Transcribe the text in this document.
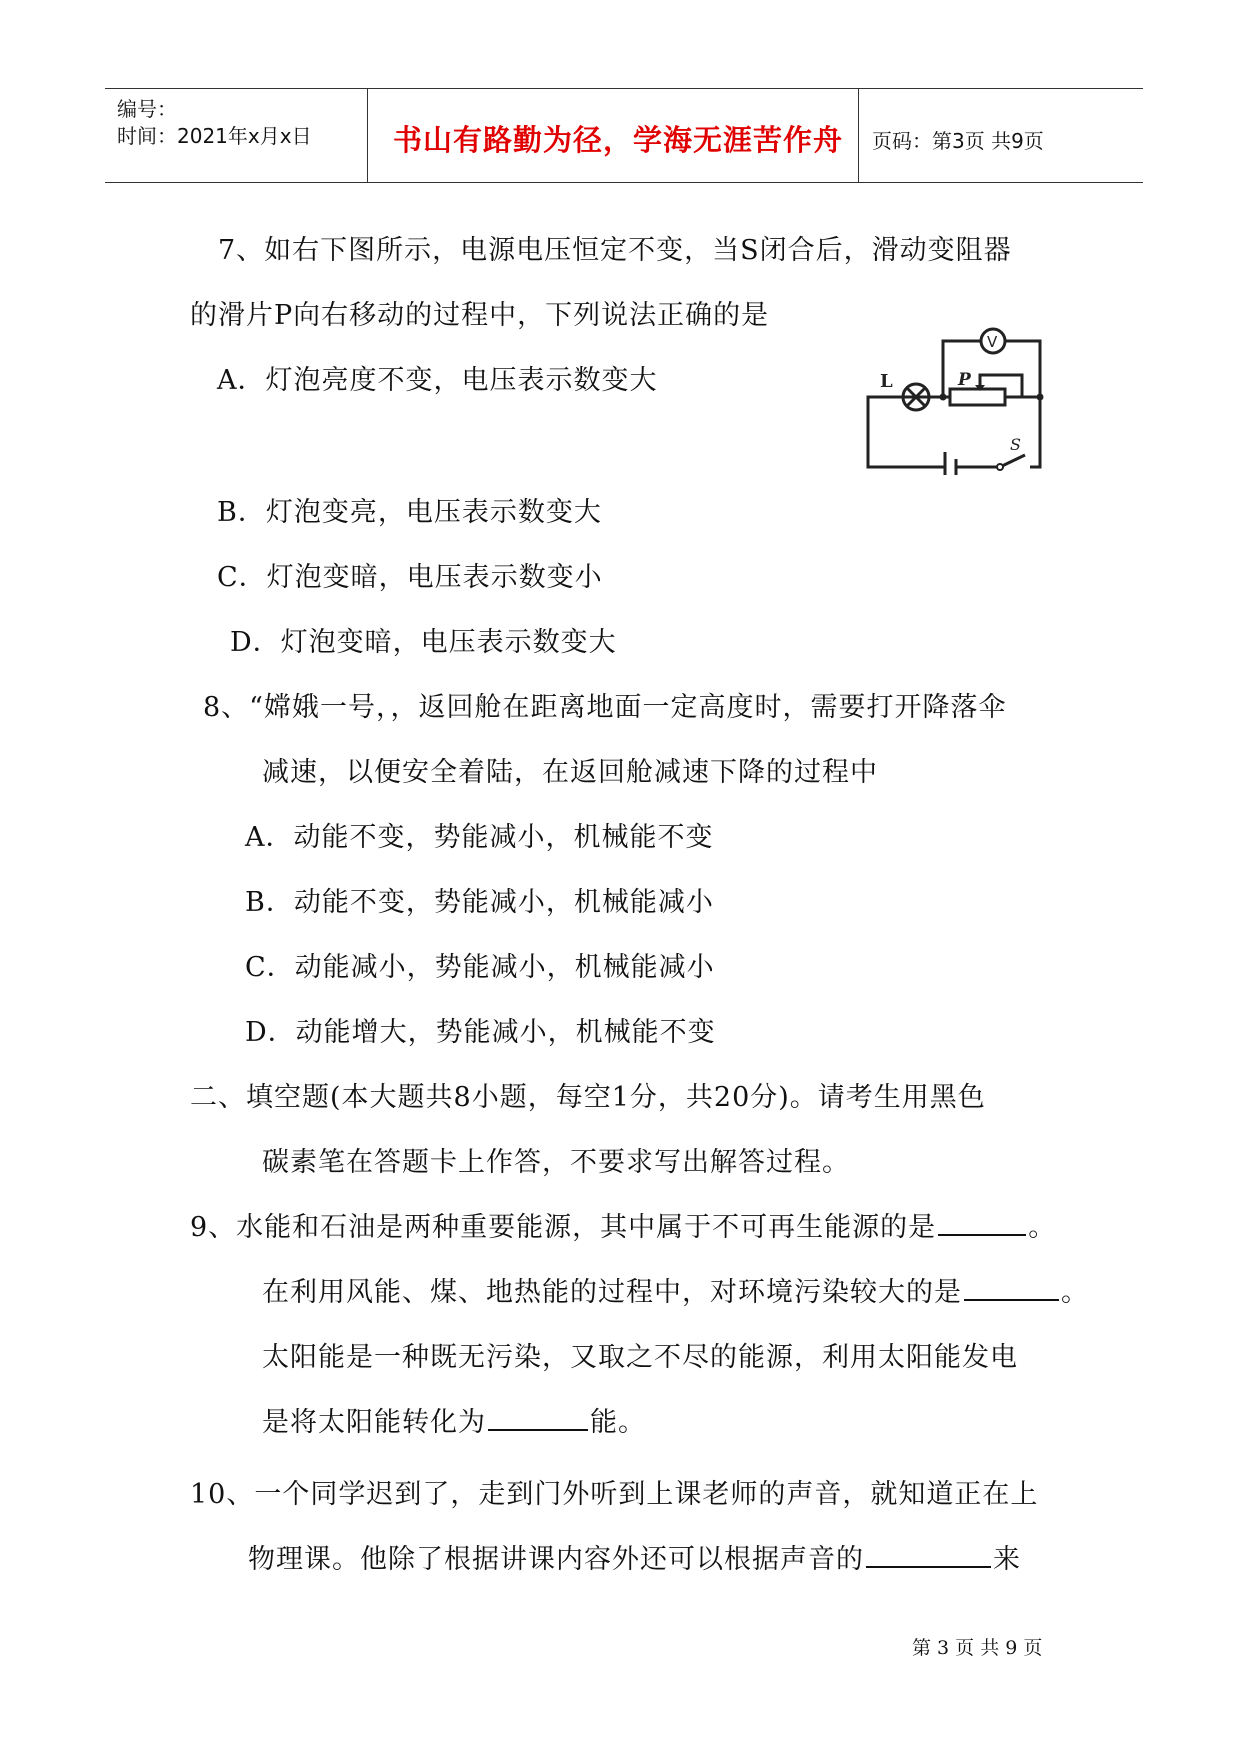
编号：
时间：2021年x月x日	书山有路勤为径，学海无涯苦作舟 页码：第3页 共9页
7、如右下图所示，电源电压恒定不变，当S闭合后，滑动变阻器
的滑片P向右移动的过程中，下列说法正确的是
A．灯泡亮度不变，电压表示数变大
B．灯泡变亮，电压表示数变大
C．灯泡变暗，电压表示数变小
D．灯泡变暗，电压表示数变大
L
V
P
S
8、“嫦娥一号，，返回舱在距离地面一定高度时，需要打开降落伞
减速，以便安全着陆，在返回舱减速下降的过程中
A．动能不变，势能减小，机械能不变
B．动能不变，势能减小，机械能减小
C．动能减小，势能减小，机械能减小
D．动能增大，势能减小，机械能不变
二、填空题(本大题共8小题，每空1分，共20分)。请考生用黑色
碳素笔在答题卡上作答，不要求写出解答过程。
9、水能和石油是两种重要能源，其中属于不可再生能源的是	。
在利用风能、煤、地热能的过程中，对环境污染较大的是	。
太阳能是一种既无污染，又取之不尽的能源，利用太阳能发电
是将太阳能转化为	能。
10、一个同学迟到了，走到门外听到上课老师的声音，就知道正在上
物理课。他除了根据讲课内容外还可以根据声音的	来
第 3 页 共 9 页
